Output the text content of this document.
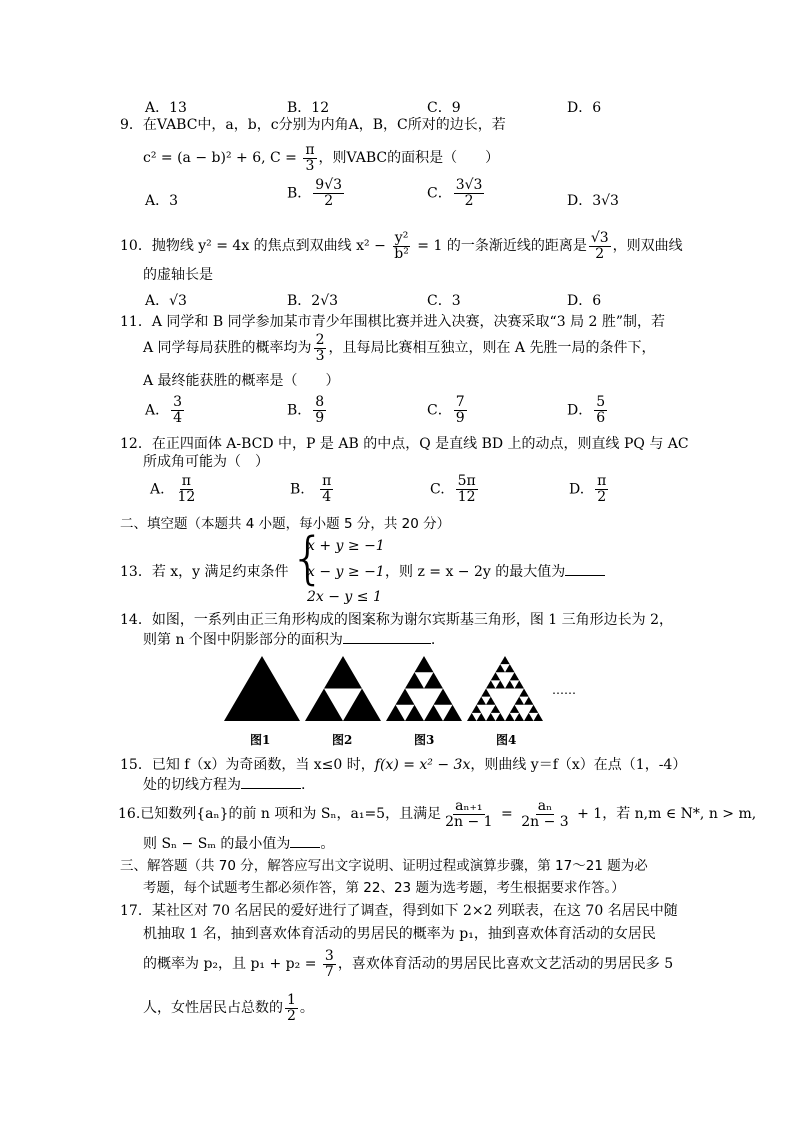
A．13	B．12	C．9	D．6
9．在VABC中，a，b，c分别为内角A，B，C所对的边长，若
c² = (a − b)² + 6, $C = \frac{\pi}{3}$ ，则VABC的面积是（　　）
A．3	B． $\frac{9√3}{2}$	C． $\frac{3√3}{2}$	D．3√3
10．抛物线 y² = 4x 的焦点到双曲线 $x^2 - \frac{\text{y²}}{\text{b²}} = 1$ 的一条渐近线的距离是 $\frac{√3}{2}$ ，则双曲线
的虚轴长是
A．√3	B．2√3	C．3	D．6
11．A 同学和 B 同学参加某市青少年围棋比赛并进入决赛，决赛采取“3 局 2 胜”制，若
A 同学每局获胜的概率均为 $\frac{2}{3}$ ，且每局比赛相互独立，则在 A 先胜一局的条件下，
A 最终能获胜的概率是（　　）
A． $\frac{3}{4}$	B． $\frac{8}{9}$	C． $\frac{7}{9}$	D． $\frac{5}{6}$
12．在正四面体 A-BCD 中，P 是 AB 的中点，Q 是直线 BD 上的动点，则直线 PQ 与 AC
所成角可能为（　）
A. $\frac{\pi}{12}$	B. $\frac{\pi}{4}$	C. $\frac{5\pi}{12}$	D. $\frac{\pi}{2}$
二、填空题（本题共 4 小题，每小题 5 分，共 20 分）
13．若 x，y 满足约束条件 {
x + y ≥ −1
x − y ≥ −1
2x − y ≤ 1
，则 z = x − 2y 的最大值为
14．如图，一系列由正三角形构成的图案称为谢尔宾斯基三角形，图 1 三角形边长为 2，
则第 n 个图中阴影部分的面积为	.
……
图1	图2	图3	图4
15．已知 f（x）为奇函数，当 x≤0 时，f(x) = x² − 3x，则曲线 y＝f（x）在点（1，-4）
处的切线方程为	.
16.已知数列{aₙ}的前 n 项和为 Sₙ，a₁=5，且满足 $\frac{\text{aₙ₊₁}}{2n - 1} = \frac{\text{aₙ}}{2n - 3} + 1$，若 n,m ∈ N*, n > m,
则 Sₙ − Sₘ 的最小值为 。
三、解答题（共 70 分，解答应写出文字说明、证明过程或演算步骤，第 17～21 题为必
考题，每个试题考生都必须作答，第 22、23 题为选考题，考生根据要求作答。）
17．某社区对 70 名居民的爱好进行了调查，得到如下 2×2 列联表，在这 70 名居民中随
机抽取 1 名，抽到喜欢体育活动的男居民的概率为 p₁，抽到喜欢体育活动的女居民
的概率为 p₂，且 $p_1 + p_2 = \frac{3}{7}$ ，喜欢体育活动的男居民比喜欢文艺活动的男居民多 5
人，女性居民占总数的 $\frac{1}{2}$ 。
